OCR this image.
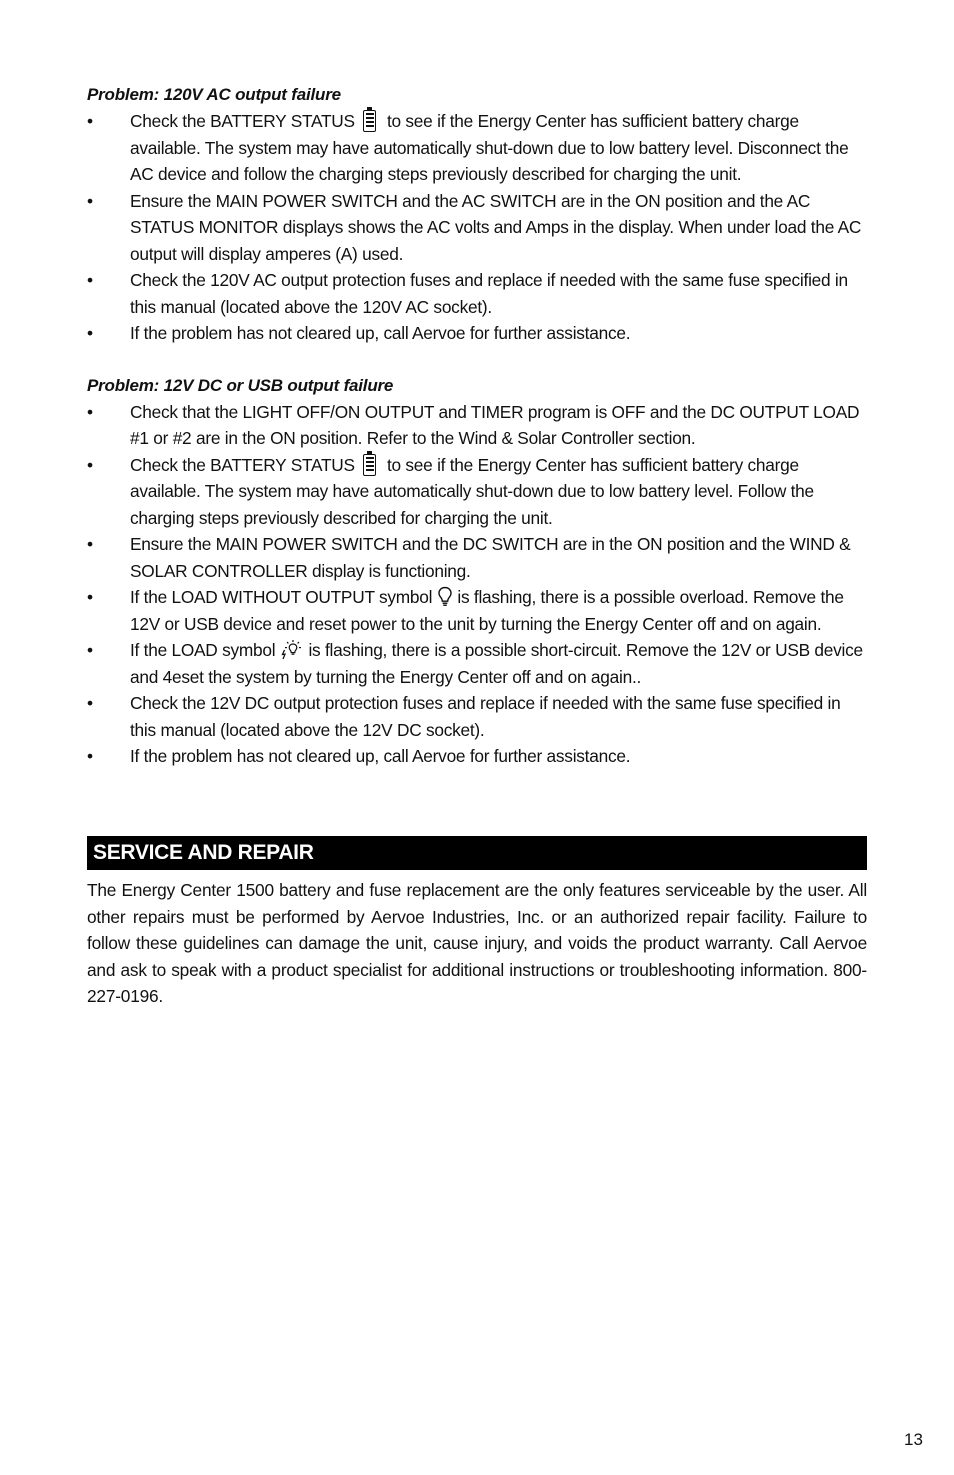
Problem: 120V AC output failure
• Check the BATTERY STATUS to see if the Energy Center has sufficient battery charge available. The system may have automatically shut-down due to low battery level. Disconnect the AC device and follow the charging steps previously described for charging the unit.
• Ensure the MAIN POWER SWITCH and the AC SWITCH are in the ON position and the AC STATUS MONITOR displays shows the AC volts and Amps in the display. When under load the AC output will display amperes (A) used.
• Check the 120V AC output protection fuses and replace if needed with the same fuse specified in this manual (located above the 120V AC socket).
• If the problem has not cleared up, call Aervoe for further assistance.
Problem: 12V DC or USB output failure
• Check that the LIGHT OFF/ON OUTPUT and TIMER program is OFF and the DC OUTPUT LOAD #1 or #2 are in the ON position. Refer to the Wind & Solar Controller section.
• Check the BATTERY STATUS to see if the Energy Center has sufficient battery charge available. The system may have automatically shut-down due to low battery level. Follow the charging steps previously described for charging the unit.
• Ensure the MAIN POWER SWITCH and the DC SWITCH are in the ON position and the WIND & SOLAR CONTROLLER display is functioning.
• If the LOAD WITHOUT OUTPUT symbol is flashing, there is a possible overload. Remove the 12V or USB device and reset power to the unit by turning the Energy Center off and on again.
• If the LOAD symbol is flashing, there is a possible short-circuit. Remove the 12V or USB device and 4eset the system by turning the Energy Center off and on again..
• Check the 12V DC output protection fuses and replace if needed with the same fuse specified in this manual (located above the 12V DC socket).
• If the problem has not cleared up, call Aervoe for further assistance.
SERVICE AND REPAIR
The Energy Center 1500 battery and fuse replacement are the only features serviceable by the user. All other repairs must be performed by Aervoe Industries, Inc. or an authorized repair facility. Failure to follow these guidelines can damage the unit, cause injury, and voids the product warranty. Call Aervoe and ask to speak with a product specialist for additional instructions or troubleshooting information. 800-227-0196.
13
